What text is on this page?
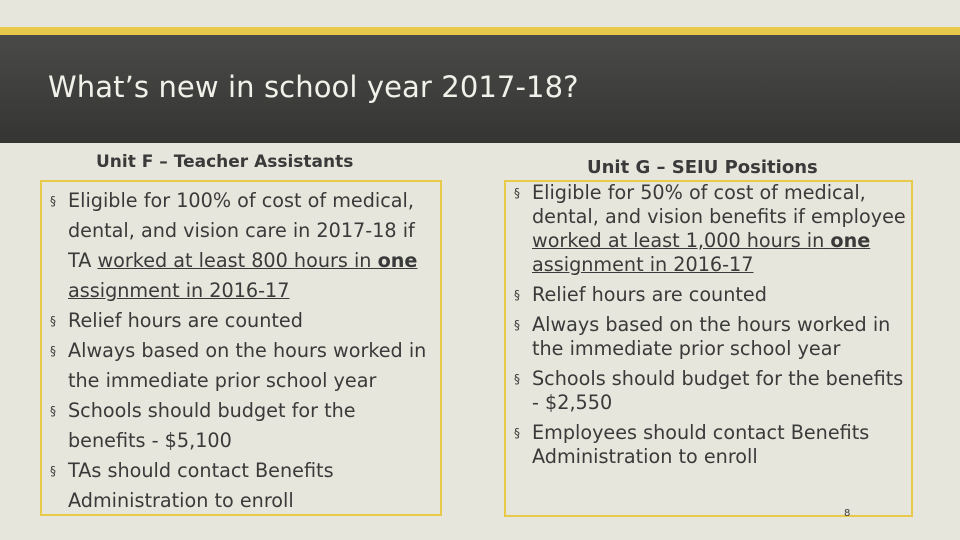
What’s new in school year 2017-18?
Unit F – Teacher Assistants	Unit G – SEIU Positions
§ Eligible for 100% of cost of medical, dental, and vision care in 2017-18 if TA worked at least 800 hours in one assignment in 2016-17
§ Relief hours are counted
§ Always based on the hours worked in the immediate prior school year
§ Schools should budget for the benefits - $5,100
§ TAs should contact Benefits Administration to enroll
§ Eligible for 50% of cost of medical, dental, and vision benefits if employee worked at least 1,000 hours in one assignment in 2016-17
§ Relief hours are counted
§ Always based on the hours worked in the immediate prior school year
§ Schools should budget for the benefits - $2,550
§ Employees should contact Benefits Administration to enroll
8
